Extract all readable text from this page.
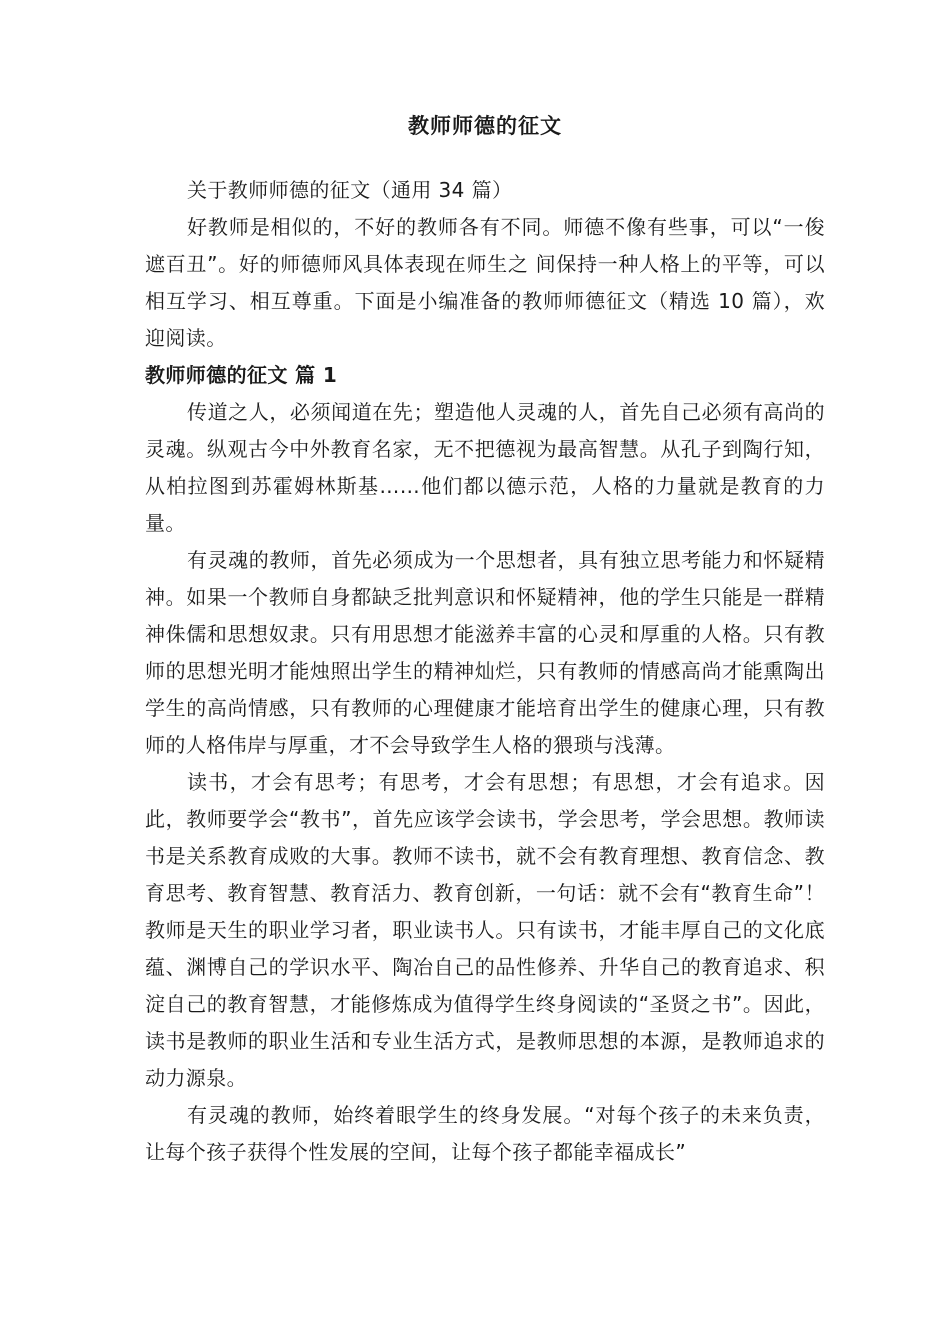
教师师德的征文

关于教师师德的征文（通用 34 篇）

好教师是相似的，不好的教师各有不同。师德不像有些事，可以“一俊遮百丑”。好的师德师风具体表现在师生之 间保持一种人格上的平等，可以相互学习、相互尊重。下面是小编准备的教师师德征文（精选 10 篇），欢迎阅读。

教师师德的征文 篇 1

传道之人，必须闻道在先；塑造他人灵魂的人，首先自己必须有高尚的灵魂。纵观古今中外教育名家，无不把德视为最高智慧。从孔子到陶行知，从柏拉图到苏霍姆林斯基……他们都以德示范，人格的力量就是教育的力量。

有灵魂的教师，首先必须成为一个思想者，具有独立思考能力和怀疑精神。如果一个教师自身都缺乏批判意识和怀疑精神，他的学生只能是一群精神侏儒和思想奴隶。只有用思想才能滋养丰富的心灵和厚重的人格。只有教师的思想光明才能烛照出学生的精神灿烂，只有教师的情感高尚才能熏陶出学生的高尚情感，只有教师的心理健康才能培育出学生的健康心理，只有教师的人格伟岸与厚重，才不会导致学生人格的猥琐与浅薄。

读书，才会有思考；有思考，才会有思想；有思想，才会有追求。因此，教师要学会“教书”，首先应该学会读书，学会思考，学会思想。教师读书是关系教育成败的大事。教师不读书，就不会有教育理想、教育信念、教育思考、教育智慧、教育活力、教育创新，一句话：就不会有“教育生命”！教师是天生的职业学习者，职业读书人。只有读书，才能丰厚自己的文化底蕴、渊博自己的学识水平、陶冶自己的品性修养、升华自己的教育追求、积淀自己的教育智慧，才能修炼成为值得学生终身阅读的“圣贤之书”。因此，读书是教师的职业生活和专业生活方式，是教师思想的本源，是教师追求的动力源泉。

有灵魂的教师，始终着眼学生的终身发展。“对每个孩子的未来负责，让每个孩子获得个性发展的空间，让每个孩子都能幸福成长”
